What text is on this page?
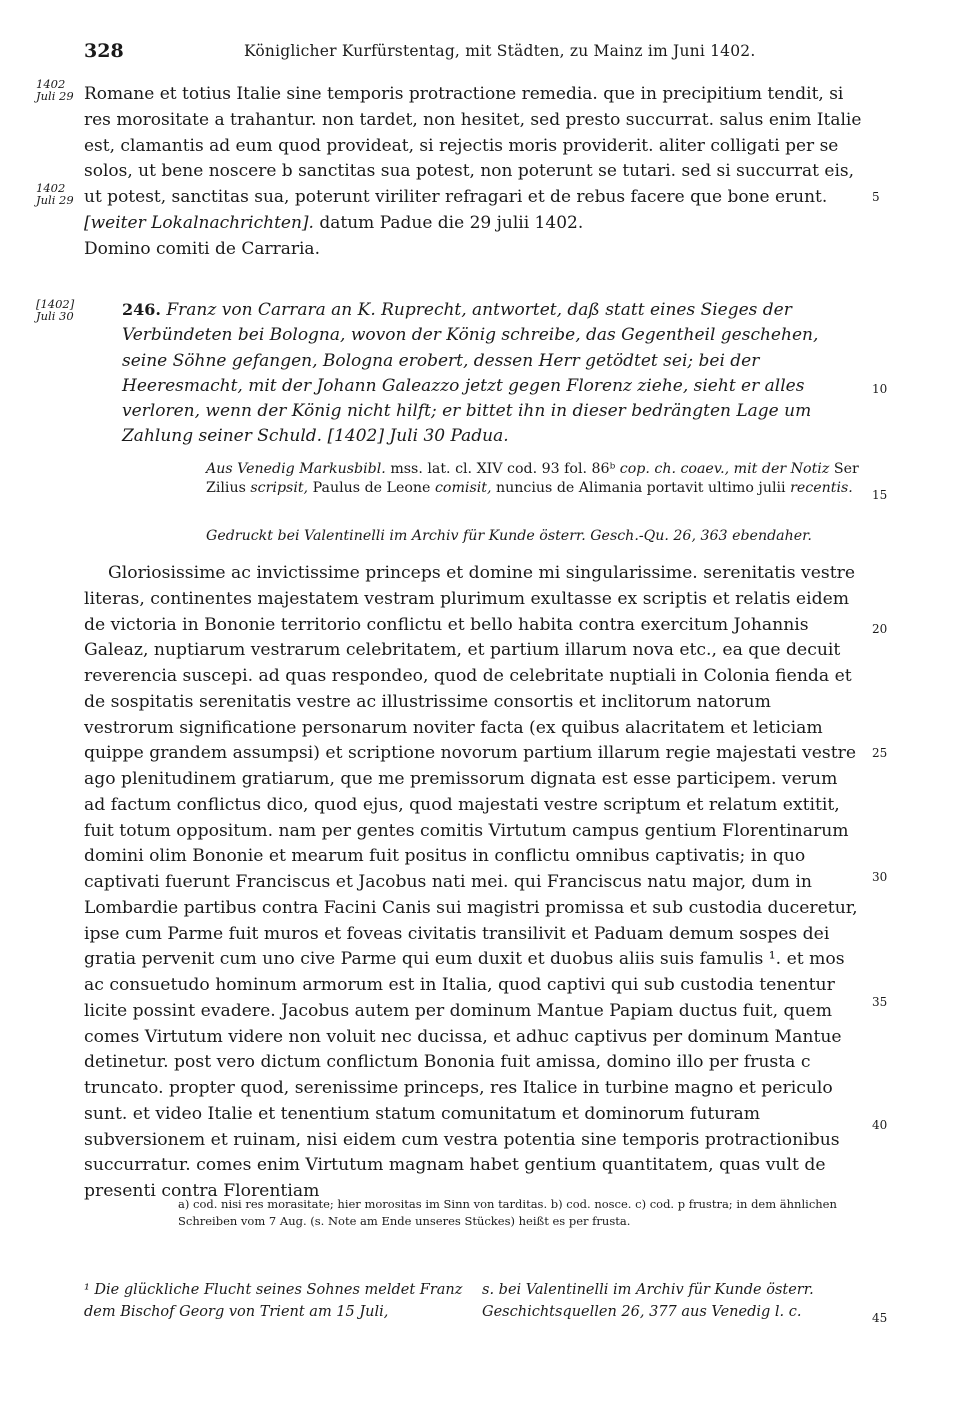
328	Königlicher Kurfürstentag, mit Städten, zu Mainz im Juni 1402.
1402
Juli 29
1402
Juli 29
[1402]
Juli 30
Romane et totius Italie sine temporis protractione remedia. que in precipitium tendit, si res morositate a trahantur. non tardet, non hesitet, sed presto succurrat. salus enim Italie est, clamantis ad eum quod provideat, si rejectis moris providerit. aliter colligati per se solos, ut bene noscere b sanctitas sua potest, non poterunt se tutari. sed si succurrat eis, ut potest, sanctitas sua, poterunt viriliter refragari et de rebus facere que bone erunt. [weiter Lokalnachrichten]. datum Padue die 29 julii 1402.
Domino comiti de Carraria.
246. Franz von Carrara an K. Ruprecht, antwortet, daß statt eines Sieges der Verbündeten bei Bologna, wovon der König schreibe, das Gegentheil geschehen, seine Söhne gefangen, Bologna erobert, dessen Herr getödtet sei; bei der Heeresmacht, mit der Johann Galeazzo jetzt gegen Florenz ziehe, sieht er alles verloren, wenn der König nicht hilft; er bittet ihn in dieser bedrängten Lage um Zahlung seiner Schuld. [1402] Juli 30 Padua.
Aus Venedig Markusbibl. mss. lat. cl. XIV cod. 93 fol. 86ᵇ cop. ch. coaev., mit der Notiz Ser Zilius scripsit, Paulus de Leone comisit, nuncius de Alimania portavit ultimo julii recentis.
Gedruckt bei Valentinelli im Archiv für Kunde österr. Gesch.-Qu. 26, 363 ebendaher.

Gloriosissime ac invictissime princeps et domine mi singularissime. serenitatis vestre literas, continentes majestatem vestram plurimum exultasse ex scriptis et relatis eidem de victoria in Bononie territorio conflictu et bello habita contra exercitum Johannis Galeaz, nuptiarum vestrarum celebritatem, et partium illarum nova etc., ea que decuit reverencia suscepi. ad quas respondeo, quod de celebritate nuptiali in Colonia fienda et de sospitatis serenitatis vestre ac illustrissime consortis et inclitorum natorum vestrorum significatione personarum noviter facta (ex quibus alacritatem et leticiam quippe grandem assumpsi) et scriptione novorum partium illarum regie majestati vestre ago plenitudinem gratiarum, que me premissorum dignata est esse participem. verum ad factum conflictus dico, quod ejus, quod majestati vestre scriptum et relatum extitit, fuit totum oppositum. nam per gentes comitis Virtutum campus gentium Florentinarum domini olim Bononie et mearum fuit positus in conflictu omnibus captivatis; in quo captivati fuerunt Franciscus et Jacobus nati mei. qui Franciscus natu major, dum in Lombardie partibus contra Facini Canis sui magistri promissa et sub custodia duceretur, ipse cum Parme fuit muros et foveas civitatis transilivit et Paduam demum sospes dei gratia pervenit cum uno cive Parme qui eum duxit et duobus aliis suis famulis ¹. et mos ac consuetudo hominum armorum est in Italia, quod captivi qui sub custodia tenentur licite possint evadere. Jacobus autem per dominum Mantue Papiam ductus fuit, quem comes Virtutum videre non voluit nec ducissa, et adhuc captivus per dominum Mantue detinetur. post vero dictum conflictum Bononia fuit amissa, domino illo per frusta c truncato. propter quod, serenissime princeps, res Italice in turbine magno et periculo sunt. et video Italie et tenentium statum comunitatum et dominorum futuram subversionem et ruinam, nisi eidem cum vestra potentia sine temporis protractionibus succurratur. comes enim Virtutum magnam habet gentium quantitatem, quas vult de presenti contra Florentiam

5
10
15
20
25
30
35
40
45
a) cod. nisi res morasitate; hier morositas im Sinn von tarditas. b) cod. nosce. c) cod. p frustra; in dem ähnlichen Schreiben vom 7 Aug. (s. Note am Ende unseres Stückes) heißt es per frusta.
¹ Die glückliche Flucht seines Sohnes meldet Franz dem Bischof Georg von Trient am 15 Juli,
s. bei Valentinelli im Archiv für Kunde österr. Geschichtsquellen 26, 377 aus Venedig l. c.
